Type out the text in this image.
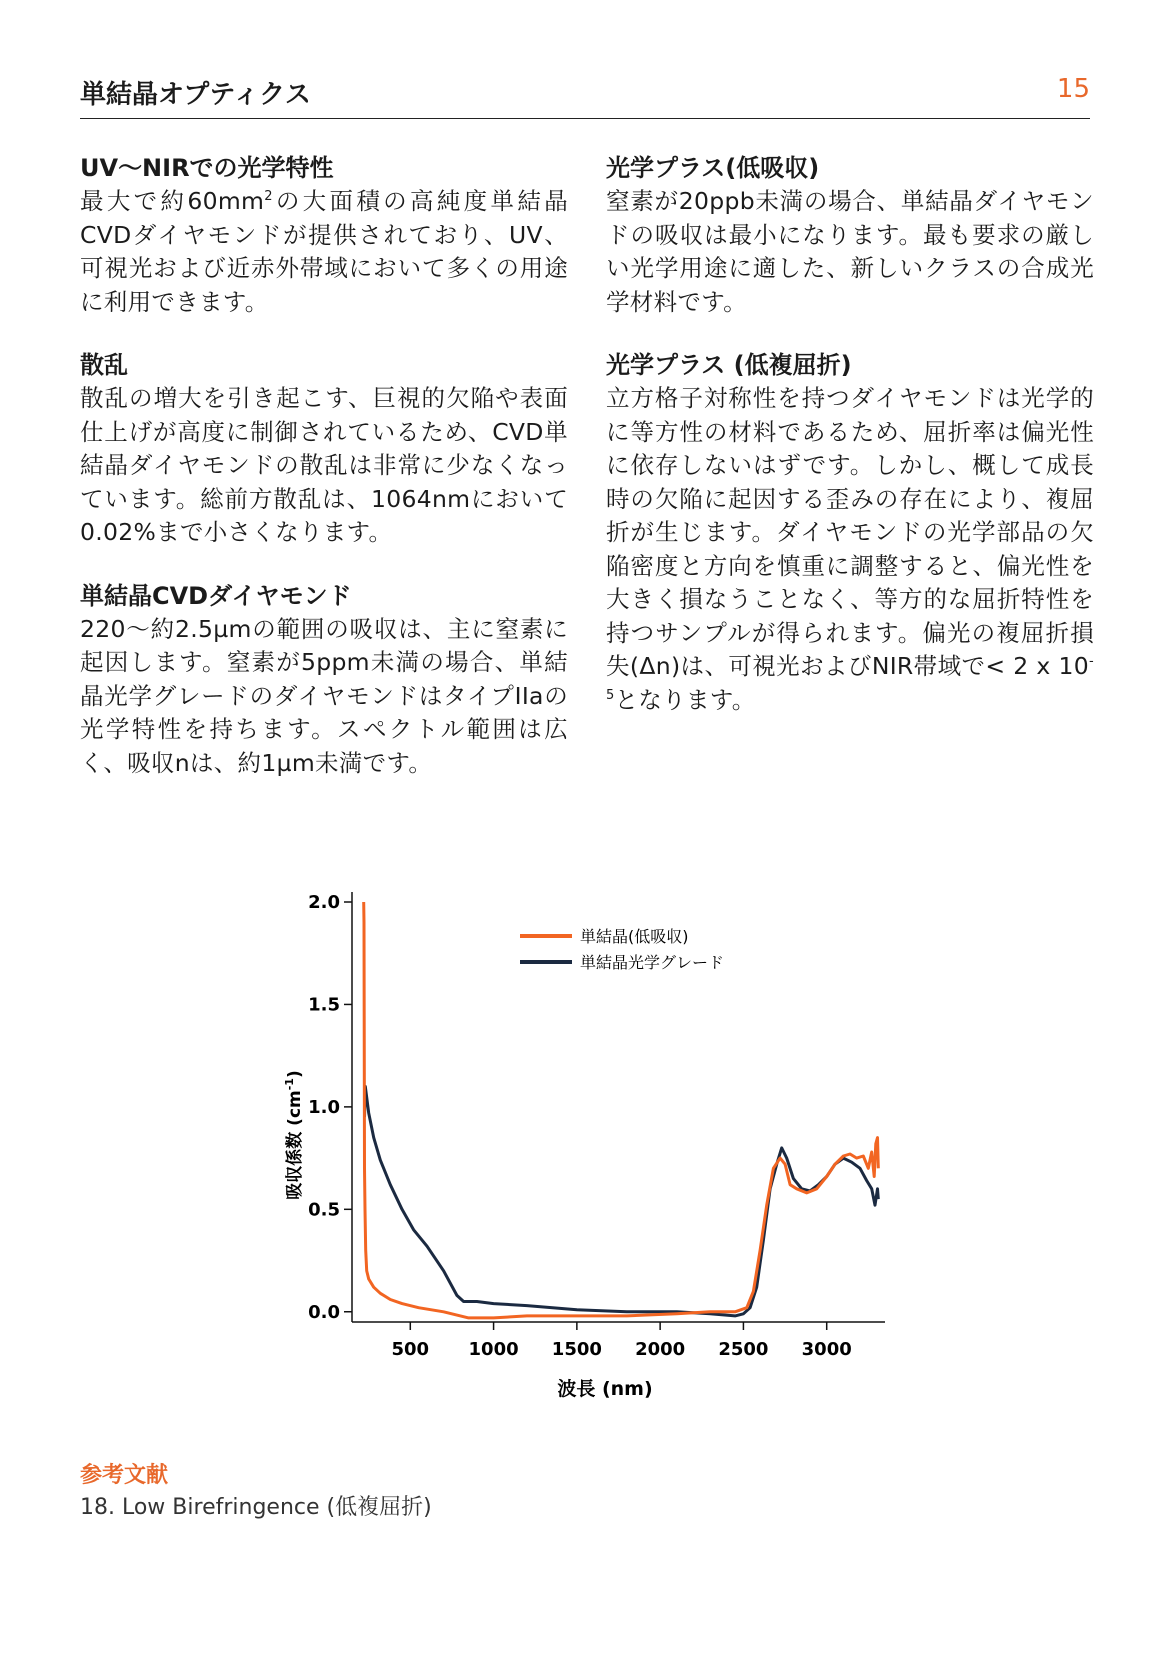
単結晶オプティクス	15
UV〜NIRでの光学特性
最大で約$60mm^2$の大面積の高純度単結晶CVDダイヤモンドが提供されており、UV、可視光および近赤外帯域において多くの用途に利用できます。
散乱
散乱の増大を引き起こす、巨視的欠陥や表面仕上げが高度に制御されているため、CVD単結晶ダイヤモンドの散乱は非常に少なくなっています。総前方散乱は、1064nmにおいて0.02%まで小さくなります。
単結晶CVDダイヤモンド
220〜約2.5µmの範囲の吸収は、主に窒素に起因します。窒素が5ppm未満の場合、単結晶光学グレードのダイヤモンドはタイプIIaの光学特性を持ちます。スペクトル範囲は広く、吸収nは、約1µm未満です。
光学プラス(低吸収)
窒素が20ppb未満の場合、単結晶ダイヤモンドの吸収は最小になります。最も要求の厳しい光学用途に適した、新しいクラスの合成光学材料です。
光学プラス (低複屈折)
立方格子対称性を持つダイヤモンドは光学的に等方性の材料であるため、屈折率は偏光性に依存しないはずです。しかし、概して成長時の欠陥に起因する歪みの存在により、複屈折が生じます。ダイヤモンドの光学部品の欠陥密度と方向を慎重に調整すると、偏光性を大きく損なうことなく、等方的な屈折特性を持つサンプルが得られます。偏光の複屈折損失(Δn)は、可視光およびNIR帯域で< 2 x $10^{-5}$となります。
0.0
0.5
1.0
1.5
2.0
500 1000 1500 2000 2500 3000
単結晶(低吸収)
単結晶光学グレード
波長 (nm)
吸収係数 $(cm^{-1})$
参考文献
18. Low Birefringence (低複屈折)
